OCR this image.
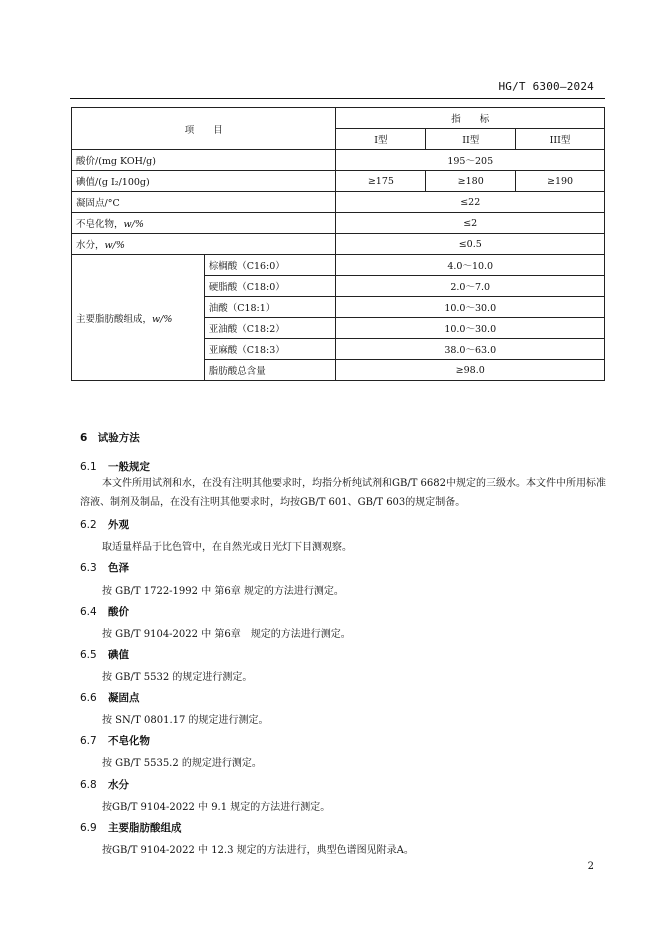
HG/T 6300—2024
项　　目		指　　标		
		I型	II型	III型
酸价/(mg KOH/g)		195～205		
碘值/(g I₂/100g)		≥175	≥180	≥190
凝固点/°C		≤22		
不皂化物，w/%		≤2		
水分，w/%		≤0.5		
主要脂肪酸组成，w/%	棕榈酸（C16:0）	4.0～10.0		
	硬脂酸（C18:0）	2.0～7.0		
	油酸（C18:1）	10.0～30.0		
	亚油酸（C18:2）	10.0～30.0		
	亚麻酸（C18:3）	38.0～63.0		
	脂肪酸总含量	≥98.0		
6　试验方法
6.1 一般规定
本文件所用试剂和水，在没有注明其他要求时，均指分析纯试剂和GB/T 6682中规定的三级水。本文件中所用标准溶液、制剂及制品，在没有注明其他要求时，均按GB/T 601、GB/T 603的规定制备。
6.2 外观
取适量样品于比色管中，在自然光或日光灯下目测观察。
6.3 色泽
按 GB/T 1722-1992 中 第6章 规定的方法进行测定。
6.4 酸价
按 GB/T 9104-2022 中 第6章　规定的方法进行测定。
6.5 碘值
按 GB/T 5532 的规定进行测定。
6.6 凝固点
按 SN/T 0801.17 的规定进行测定。
6.7 不皂化物
按 GB/T 5535.2 的规定进行测定。
6.8 水分
按GB/T 9104-2022 中 9.1 规定的方法进行测定。
6.9 主要脂肪酸组成
按GB/T 9104-2022 中 12.3 规定的方法进行，典型色谱图见附录A。
2
